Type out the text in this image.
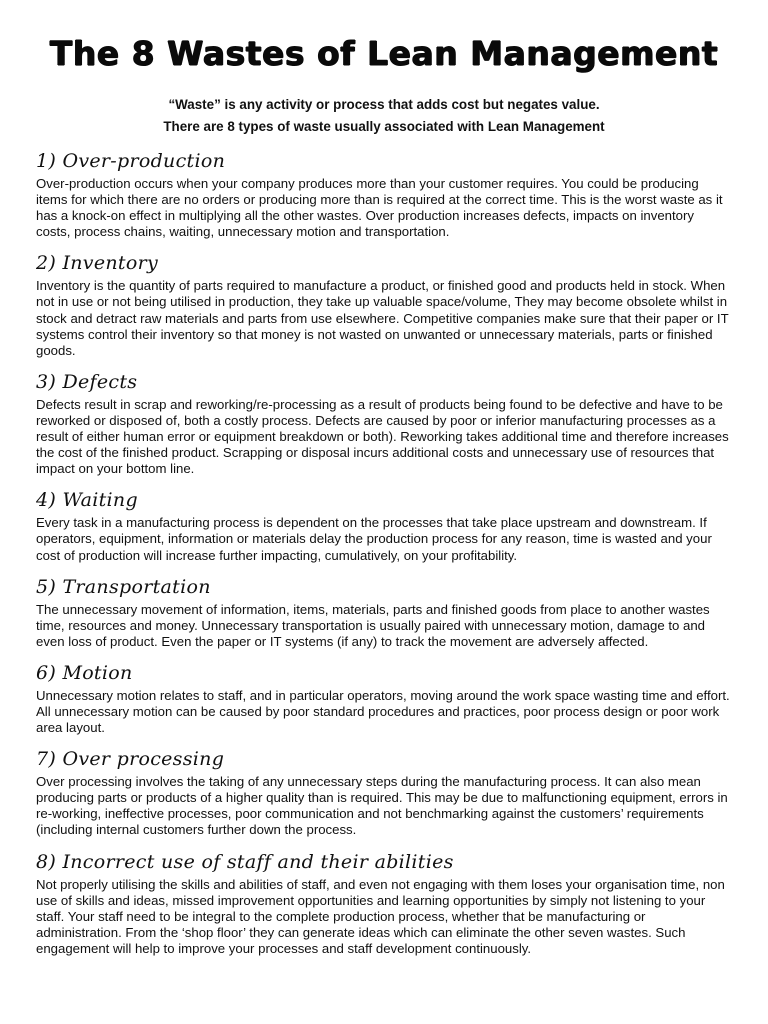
The 8 Wastes of Lean Management

“Waste” is any activity or process that adds cost but negates value.

There are 8 types of waste usually associated with Lean Management

1) Over-production

Over-production occurs when your company produces more than your customer requires. You could be producing items for which there are no orders or producing more than is required at the correct time. This is the worst waste as it has a knock-on effect in multiplying all the other wastes. Over production increases defects, impacts on inventory costs, process chains, waiting, unnecessary motion and transportation.

2) Inventory

Inventory is the quantity of parts required to manufacture a product, or finished good and products held in stock. When not in use or not being utilised in production, they take up valuable space/volume, They may become obsolete whilst in stock and detract raw materials and parts from use elsewhere. Competitive companies make sure that their paper or IT systems control their inventory so that money is not wasted on unwanted or unnecessary materials, parts or finished goods.

3) Defects

Defects result in scrap and reworking/re-processing as a result of products being found to be defective and have to be reworked or disposed of, both a costly process. Defects are caused by poor or inferior manufacturing processes as a result of either human error or equipment breakdown or both). Reworking takes additional time and therefore increases the cost of the finished product. Scrapping or disposal incurs additional costs and unnecessary use of resources that impact on your bottom line.

4) Waiting

Every task in a manufacturing process is dependent on the processes that take place upstream and downstream. If operators, equipment, information or materials delay the production process for any reason, time is wasted and your cost of production will increase further impacting, cumulatively, on your profitability.

5) Transportation

The unnecessary movement of information, items, materials, parts and finished goods from place to another wastes time, resources and money. Unnecessary transportation is usually paired with unnecessary motion, damage to and even loss of product. Even the paper or IT systems (if any) to track the movement are adversely affected.

6) Motion

Unnecessary motion relates to staff, and in particular operators, moving around the work space wasting time and effort. All unnecessary motion can be caused by poor standard procedures and practices, poor process design or poor work area layout.

7) Over processing

Over processing involves the taking of any unnecessary steps during the manufacturing process. It can also mean producing parts or products of a higher quality than is required. This may be due to malfunctioning equipment, errors in re-working, ineffective processes, poor communication and not benchmarking against the customers’ requirements (including internal customers further down the process.

8) Incorrect use of staff and their abilities

Not properly utilising the skills and abilities of staff, and even not engaging with them loses your organisation time, non use of skills and ideas, missed improvement opportunities and learning opportunities by simply not listening to your staff. Your staff need to be integral to the complete production process, whether that be manufacturing or administration. From the ‘shop floor’ they can generate ideas which can eliminate the other seven wastes. Such engagement will help to improve your processes and staff development continuously.
